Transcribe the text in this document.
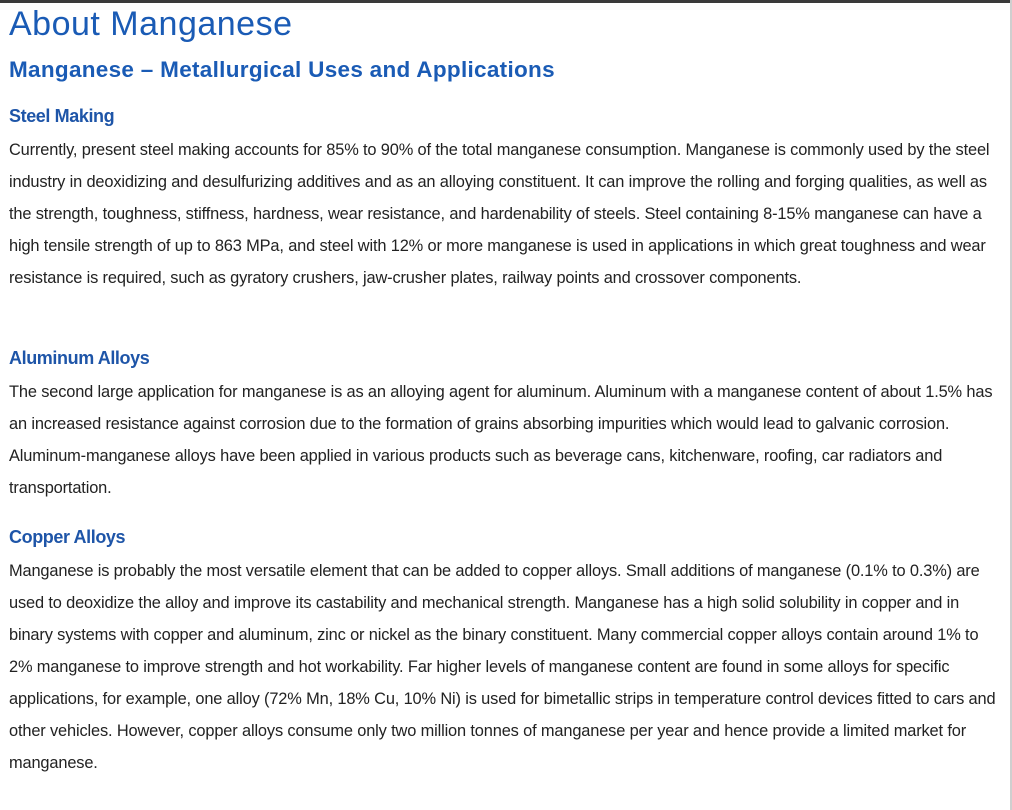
About Manganese
Manganese – Metallurgical Uses and Applications
Steel Making

Currently, present steel making accounts for 85% to 90% of the total manganese consumption. Manganese is commonly used by the steel industry in deoxidizing and desulfurizing additives and as an alloying constituent. It can improve the rolling and forging qualities, as well as the strength, toughness, stiffness, hardness, wear resistance, and hardenability of steels. Steel containing 8-15% manganese can have a high tensile strength of up to 863 MPa, and steel with 12% or more manganese is used in applications in which great toughness and wear resistance is required, such as gyratory crushers, jaw-crusher plates, railway points and crossover components.

Aluminum Alloys

The second large application for manganese is as an alloying agent for aluminum. Aluminum with a manganese content of about 1.5% has an increased resistance against corrosion due to the formation of grains absorbing impurities which would lead to galvanic corrosion. Aluminum-manganese alloys have been applied in various products such as beverage cans, kitchenware, roofing, car radiators and transportation.

Copper Alloys

Manganese is probably the most versatile element that can be added to copper alloys. Small additions of manganese (0.1% to 0.3%) are used to deoxidize the alloy and improve its castability and mechanical strength. Manganese has a high solid solubility in copper and in binary systems with copper and aluminum, zinc or nickel as the binary constituent. Many commercial copper alloys contain around 1% to 2% manganese to improve strength and hot workability. Far higher levels of manganese content are found in some alloys for specific applications, for example, one alloy (72% Mn, 18% Cu, 10% Ni) is used for bimetallic strips in temperature control devices fitted to cars and other vehicles. However, copper alloys consume only two million tonnes of manganese per year and hence provide a limited market for manganese.
